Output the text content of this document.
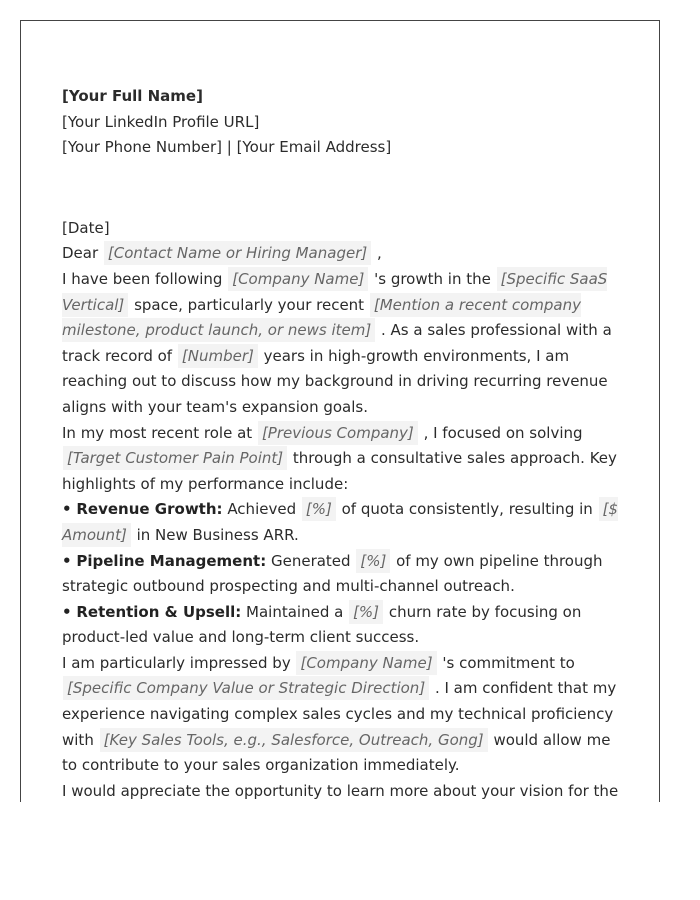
[Your Full Name]
[Your LinkedIn Profile URL]
[Your Phone Number] | [Your Email Address]
[Date]

Dear [Contact Name or Hiring Manager] ,

I have been following [Company Name] 's growth in the [Specific SaaS Vertical] space, particularly your recent [Mention a recent company milestone, product launch, or news item] . As a sales professional with a track record of [Number] years in high-growth environments, I am reaching out to discuss how my background in driving recurring revenue aligns with your team's expansion goals.

In my most recent role at [Previous Company] , I focused on solving [Target Customer Pain Point] through a consultative sales approach. Key highlights of my performance include:

• Revenue Growth: Achieved [%] of quota consistently, resulting in [$ Amount] in New Business ARR.

• Pipeline Management: Generated [%] of my own pipeline through strategic outbound prospecting and multi-channel outreach.

• Retention & Upsell: Maintained a [%] churn rate by focusing on product-led value and long-term client success.

I am particularly impressed by [Company Name] 's commitment to [Specific Company Value or Strategic Direction] . I am confident that my experience navigating complex sales cycles and my technical proficiency with [Key Sales Tools, e.g., Salesforce, Outreach, Gong] would allow me to contribute to your sales organization immediately.

I would appreciate the opportunity to learn more about your vision for the
